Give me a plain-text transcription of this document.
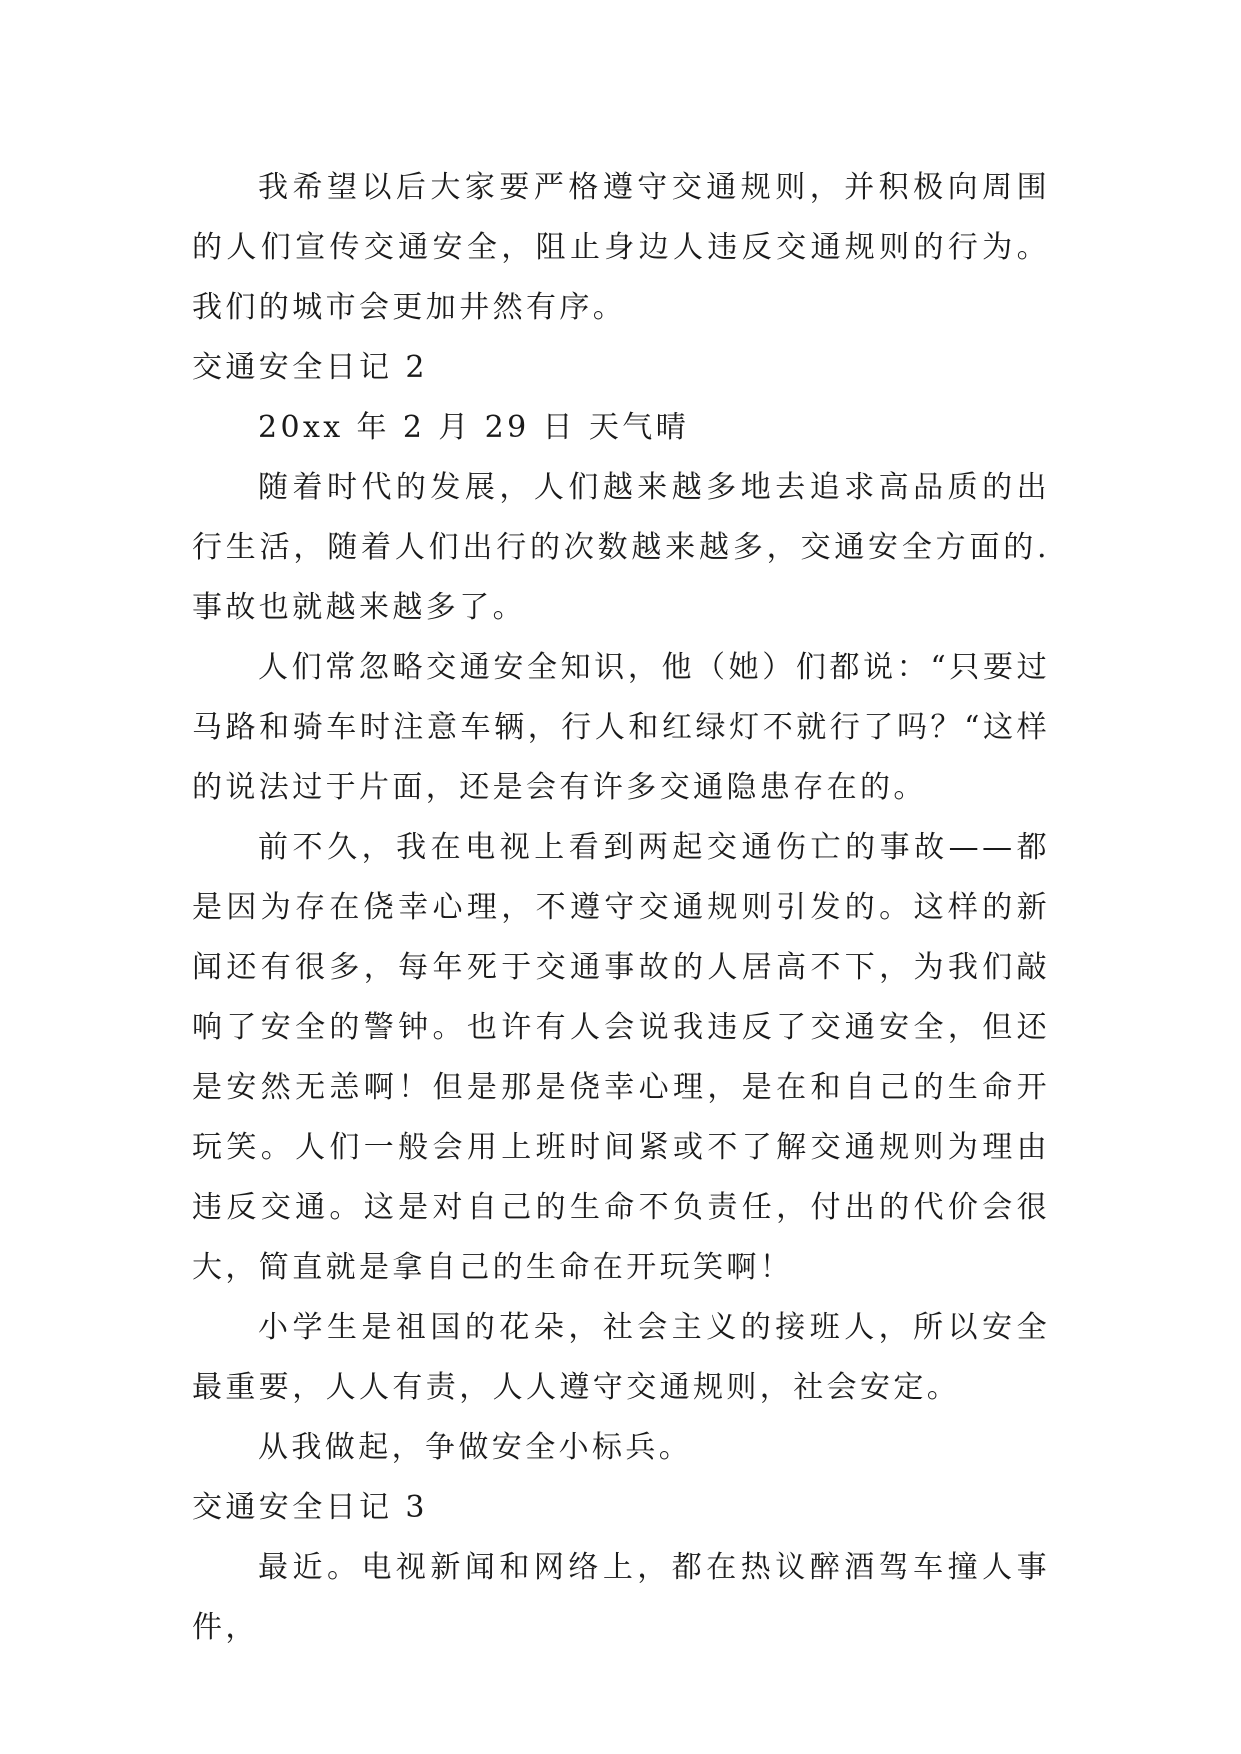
我希望以后大家要严格遵守交通规则，并积极向周围的人们宣传交通安全，阻止身边人违反交通规则的行为。我们的城市会更加井然有序。

交通安全日记 2

20xx 年 2 月 29 日 天气晴

随着时代的发展，人们越来越多地去追求高品质的出行生活，随着人们出行的次数越来越多，交通安全方面的.事故也就越来越多了。

人们常忽略交通安全知识，他（她）们都说：“只要过马路和骑车时注意车辆，行人和红绿灯不就行了吗？“这样的说法过于片面，还是会有许多交通隐患存在的。

前不久，我在电视上看到两起交通伤亡的事故——都是因为存在侥幸心理，不遵守交通规则引发的。这样的新闻还有很多，每年死于交通事故的人居高不下，为我们敲响了安全的警钟。也许有人会说我违反了交通安全，但还是安然无恙啊！但是那是侥幸心理，是在和自己的生命开玩笑。人们一般会用上班时间紧或不了解交通规则为理由违反交通。这是对自己的生命不负责任，付出的代价会很大，简直就是拿自己的生命在开玩笑啊！

小学生是祖国的花朵，社会主义的接班人，所以安全最重要，人人有责，人人遵守交通规则，社会安定。

从我做起，争做安全小标兵。

交通安全日记 3

最近。电视新闻和网络上，都在热议醉酒驾车撞人事件，
